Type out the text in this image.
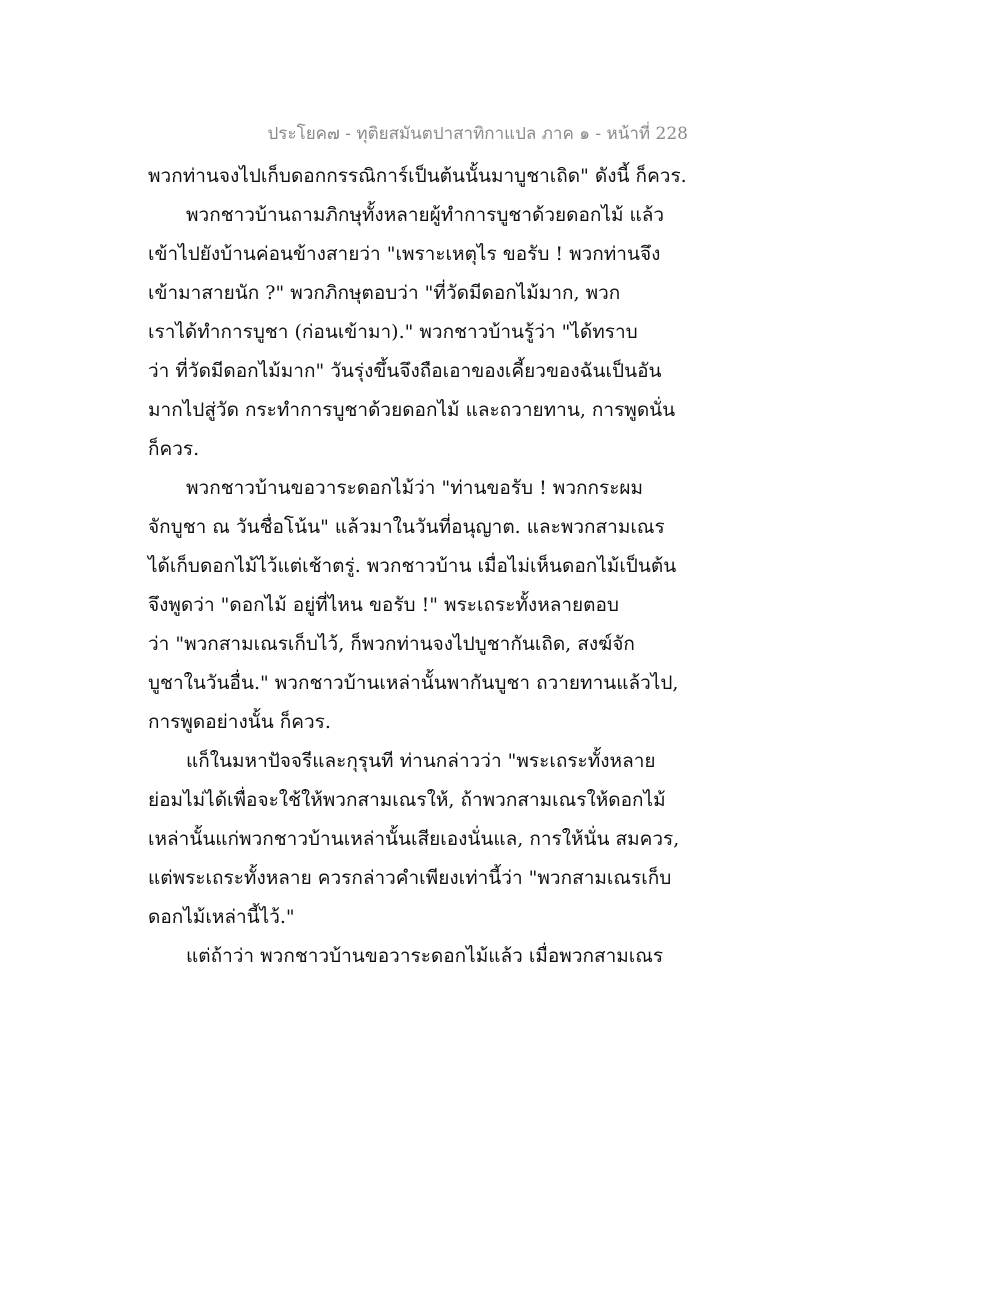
ประโยค๗ - ทุติยสมันตปาสาทิกาแปล ภาค ๑ - หน้าที่ 228
พวกท่านจงไปเก็บดอกกรรณิการ์เป็นต้นนั้นมาบูชาเถิด" ดังนี้ ก็ควร.
พวกชาวบ้านถามภิกษุทั้งหลายผู้ทำการบูชาด้วยดอกไม้ แล้ว
เข้าไปยังบ้านค่อนข้างสายว่า "เพราะเหตุไร ขอรับ ! พวกท่านจึง
เข้ามาสายนัก ?" พวกภิกษุตอบว่า "ที่วัดมีดอกไม้มาก, พวก
เราได้ทำการบูชา (ก่อนเข้ามา)." พวกชาวบ้านรู้ว่า "ได้ทราบ
ว่า ที่วัดมีดอกไม้มาก" วันรุ่งขึ้นจึงถือเอาของเคี้ยวของฉันเป็นอัน
มากไปสู่วัด กระทำการบูชาด้วยดอกไม้ และถวายทาน, การพูดนั่น
ก็ควร.
พวกชาวบ้านขอวาระดอกไม้ว่า "ท่านขอรับ ! พวกกระผม
จักบูชา ณ วันชื่อโน้น" แล้วมาในวันที่อนุญาต. และพวกสามเณร
ได้เก็บดอกไม้ไว้แต่เช้าตรู่. พวกชาวบ้าน เมื่อไม่เห็นดอกไม้เป็นต้น
จึงพูดว่า "ดอกไม้ อยู่ที่ไหน ขอรับ !" พระเถระทั้งหลายตอบ
ว่า "พวกสามเณรเก็บไว้, ก็พวกท่านจงไปบูชากันเถิด, สงฆ์จัก
บูชาในวันอื่น." พวกชาวบ้านเหล่านั้นพากันบูชา ถวายทานแล้วไป,
การพูดอย่างนั้น ก็ควร.
แก็ในมหาปัจจรีและกุรุนที ท่านกล่าวว่า "พระเถระทั้งหลาย
ย่อมไม่ได้เพื่อจะใช้ให้พวกสามเณรให้, ถ้าพวกสามเณรให้ดอกไม้
เหล่านั้นแก่พวกชาวบ้านเหล่านั้นเสียเองนั่นแล, การให้นั่น สมควร,
แต่พระเถระทั้งหลาย ควรกล่าวคำเพียงเท่านี้ว่า "พวกสามเณรเก็บ
ดอกไม้เหล่านี้ไว้."
แต่ถ้าว่า พวกชาวบ้านขอวาระดอกไม้แล้ว เมื่อพวกสามเณร
